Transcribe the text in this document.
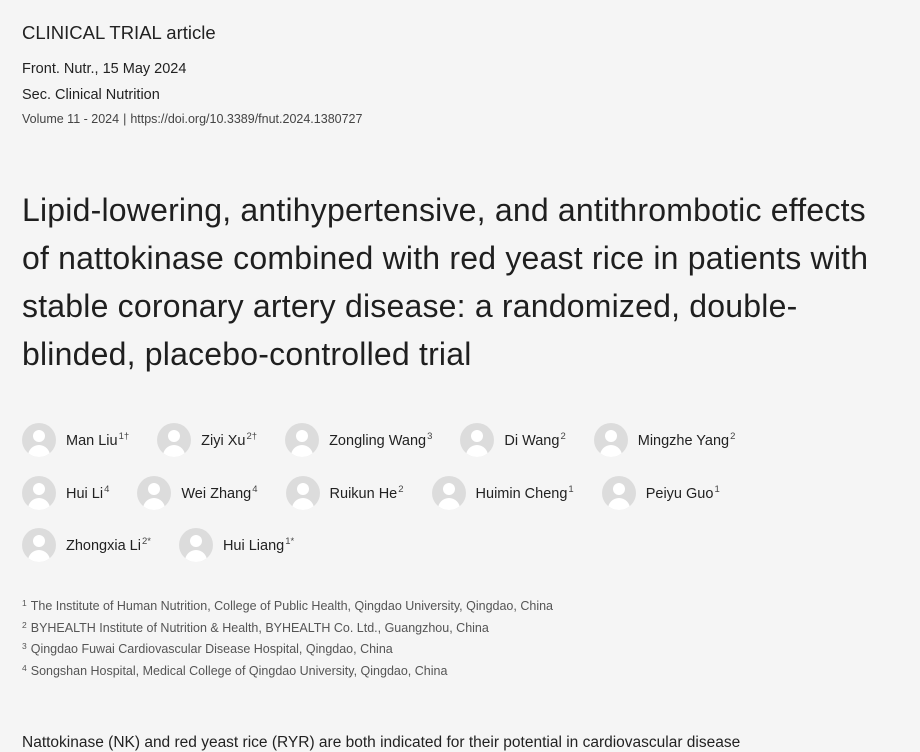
CLINICAL TRIAL article
Front. Nutr., 15 May 2024
Sec. Clinical Nutrition
Volume 11 - 2024 | https://doi.org/10.3389/fnut.2024.1380727
Lipid-lowering, antihypertensive, and antithrombotic effects of nattokinase combined with red yeast rice in patients with stable coronary artery disease: a randomized, double-blinded, placebo-controlled trial
Man Liu$^{1\dagger}$	Ziyi $Xu^{2\dagger}$	Zongling Wang$^3$	Di Wang$^2$	Mingzhe Yang$^2$
Hui Li$^4$	Wei Zhang$^4$	Ruikun He$^2$	Huimin Cheng$^1$	Peiyu Guo$^1$
Zhongxia $Li^{2*}$	Hui Liang$^{1*}$
$^1$ The Institute of Human Nutrition, College of Public Health, Qingdao University, Qingdao, China
$^2$ BYHEALTH Institute of Nutrition & Health, BYHEALTH Co. Ltd., Guangzhou, China
$^3$ Qingdao Fuwai Cardiovascular Disease Hospital, Qingdao, China
$^4$ Songshan Hospital, Medical College of Qingdao University, Qingdao, China
Nattokinase (NK) and red yeast rice (RYR) are both indicated for their potential in cardiovascular disease
